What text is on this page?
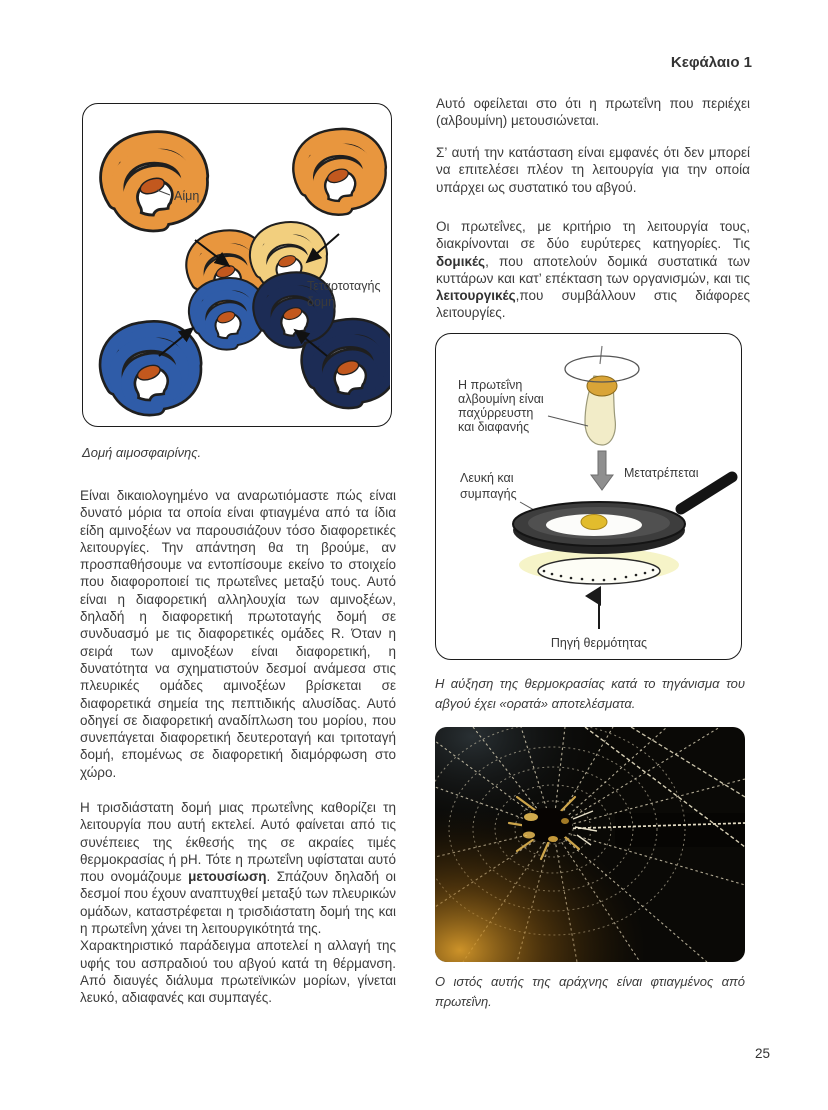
Κεφάλαιο 1
Αίμη
Τεταρτοταγής
δομή

Δομή αιμοσφαιρίνης.

Είναι δικαιολογημένο να αναρωτιόμαστε πώς είναι δυνατό μόρια τα οποία είναι φτιαγμένα από τα ίδια είδη αμινοξέων να παρουσιάζουν τόσο διαφορετικές λειτουργίες. Την απάντηση θα τη βρούμε, αν προσπαθήσουμε να εντοπίσουμε εκείνο το στοιχείο που διαφοροποιεί τις πρωτεΐνες μεταξύ τους. Αυτό είναι η διαφορετική αλληλουχία των αμινοξέων, δηλαδή η διαφορετική πρωτοταγής δομή σε συνδυασμό με τις διαφορετικές ομάδες R. Όταν η σειρά των αμινοξέων είναι διαφορετική, η δυνατότητα να σχηματιστούν δεσμοί ανάμεσα στις πλευρικές ομάδες αμινοξέων βρίσκεται σε διαφορετικά σημεία της πεπτιδικής αλυσίδας. Αυτό οδηγεί σε διαφορετική αναδίπλωση του μορίου, που συνεπάγεται διαφορετική δευτεροταγή και τριτοταγή δομή, επομένως σε διαφορετική διαμόρφωση στο χώρο.

Η τρισδιάστατη δομή μιας πρωτεΐνης καθορίζει τη λειτουργία που αυτή εκτελεί. Αυτό φαίνεται από τις συνέπειες της έκθεσής της σε ακραίες τιμές θερμοκρασίας ή pH. Τότε η πρωτεΐνη υφίσταται αυτό που ονομάζουμε μετουσίωση. Σπάζουν δηλαδή οι δεσμοί που έχουν αναπτυχθεί μεταξύ των πλευρικών ομάδων, καταστρέφεται η τρισδιάστατη δομή της και η πρωτεΐνη χάνει τη λειτουργικότητά της.

Χαρακτηριστικό παράδειγμα αποτελεί η αλλαγή της υφής του ασπραδιού του αβγού κατά τη θέρμανση. Από διαυγές διάλυμα πρωτεϊνικών μορίων, γίνεται λευκό, αδιαφανές και συμπαγές.

Αυτό οφείλεται στο ότι η πρωτεΐνη που περιέχει (αλβουμίνη) μετουσιώνεται.

Σ’ αυτή την κατάσταση είναι εμφανές ότι δεν μπορεί να επιτελέσει πλέον τη λειτουργία για την οποία υπάρχει ως συστατικό του αβγού.

Οι πρωτεΐνες, με κριτήριο τη λειτουργία τους, διακρίνονται σε δύο ευρύτερες κατηγορίες. Τις δομικές, που αποτελούν δομικά συστατικά των κυττάρων και κατ’ επέκταση των οργανισμών, και τις λειτουργικές,που συμβάλλουν στις διάφορες λειτουργίες.

Η πρωτεΐνη
αλβουμίνη είναι
παχύρρευστη
και διαφανής
Μετατρέπεται
Λευκή και
συμπαγής
Πηγή θερμότητας

Η αύξηση της θερμοκρασίας κατά το τηγάνισμα του αβγού έχει «ορατά» αποτελέσματα.

Ο ιστός αυτής της αράχνης είναι φτιαγμένος από πρωτεΐνη.

25
